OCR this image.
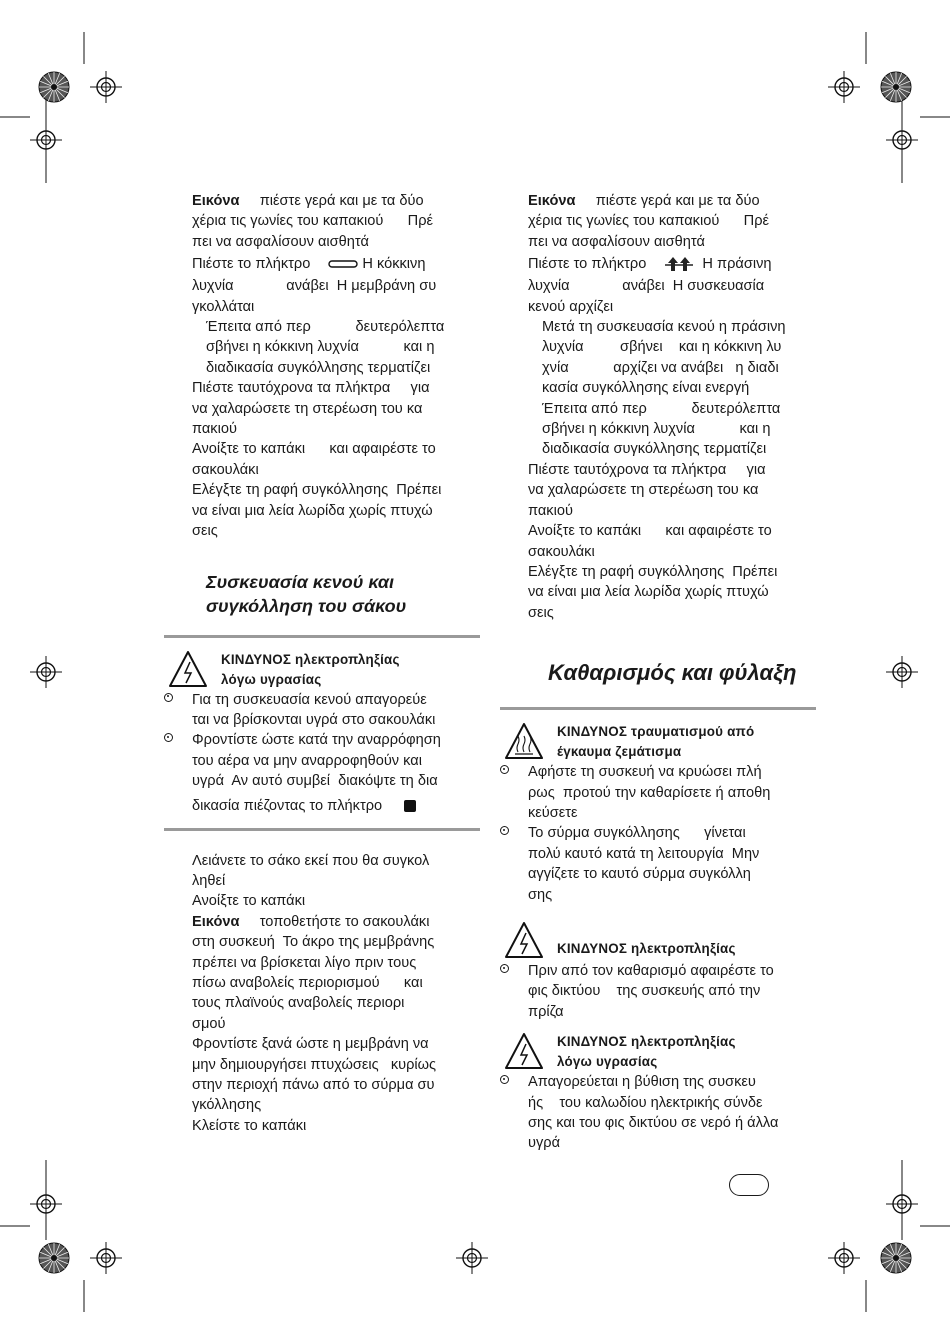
Εικόνα     πιέστε γερά και με τα δύο
χέρια τις γωνίες του καπακιού      Πρέ
πει να ασφαλίσουν αισθητά
Πιέστε το πλήκτρο	Η κόκκινη
λυχνία             ανάβει  Η μεμβράνη συ
γκολλάται
Έπειτα από περ           δευτερόλεπτα
σβήνει η κόκκινη λυχνία           και η
διαδικασία συγκόλλησης τερματίζει
Πιέστε ταυτόχρονα τα πλήκτρα     για
να χαλαρώσετε τη στερέωση του κα
πακιού
Ανοίξτε το καπάκι      και αφαιρέστε το
σακουλάκι
Ελέγξτε τη ραφή συγκόλλησης  Πρέπει
να είναι μια λεία λωρίδα χωρίς πτυχώ
σεις
Συσκευασία κενού και
συγκόλληση του σάκου
ΚΙΝΔΥΝΟΣ ηλεκτροπληξίας
λόγω υγρασίας
Για τη συσκευασία κενού απαγορεύε
ται να βρίσκονται υγρά στο σακουλάκι
Φροντίστε ώστε κατά την αναρρόφηση
του αέρα να μην αναρροφηθούν και
υγρά  Αν αυτό συμβεί  διακόψτε τη δια
δικασία πιέζοντας το πλήκτρο
Λειάνετε το σάκο εκεί που θα συγκολ
ληθεί
Ανοίξτε το καπάκι
Εικόνα τοποθετήστε το σακουλάκι
στη συσκευή  Το άκρο της μεμβράνης
πρέπει να βρίσκεται λίγο πριν τους
πίσω αναβολείς περιορισμού      και
τους πλαϊνούς αναβολείς περιορι
σμού
Φροντίστε ξανά ώστε η μεμβράνη να
μην δημιουργήσει πτυχώσεις   κυρίως
στην περιοχή πάνω από το σύρμα συ
γκόλλησης
Κλείστε το καπάκι
Εικόνα     πιέστε γερά και με τα δύο
χέρια τις γωνίες του καπακιού      Πρέ
πει να ασφαλίσουν αισθητά
Πιέστε το πλήκτρο	Η πράσινη
λυχνία             ανάβει  Η συσκευασία
κενού αρχίζει
Μετά τη συσκευασία κενού η πράσινη
λυχνία         σβήνει    και η κόκκινη λυ
χνία           αρχίζει να ανάβει   η διαδι
κασία συγκόλλησης είναι ενεργή
Έπειτα από περ           δευτερόλεπτα
σβήνει η κόκκινη λυχνία           και η
διαδικασία συγκόλλησης τερματίζει
Πιέστε ταυτόχρονα τα πλήκτρα     για
να χαλαρώσετε τη στερέωση του κα
πακιού
Ανοίξτε το καπάκι      και αφαιρέστε το
σακουλάκι
Ελέγξτε τη ραφή συγκόλλησης  Πρέπει
να είναι μια λεία λωρίδα χωρίς πτυχώ
σεις
Καθαρισμός και φύλαξη
ΚΙΝΔΥΝΟΣ τραυματισμού από
έγκαυμα ζεμάτισμα
Αφήστε τη συσκευή να κρυώσει πλή
ρως  προτού την καθαρίσετε ή αποθη
κεύσετε
Το σύρμα συγκόλλησης      γίνεται
πολύ καυτό κατά τη λειτουργία  Μην
αγγίζετε το καυτό σύρμα συγκόλλη
σης
ΚΙΝΔΥΝΟΣ ηλεκτροπληξίας
Πριν από τον καθαρισμό αφαιρέστε το
φις δικτύου    της συσκευής από την
πρίζα
ΚΙΝΔΥΝΟΣ ηλεκτροπληξίας
λόγω υγρασίας
Απαγορεύεται η βύθιση της συσκευ
ής    του καλωδίου ηλεκτρικής σύνδε
σης και του φις δικτύου σε νερό ή άλλα
υγρά
